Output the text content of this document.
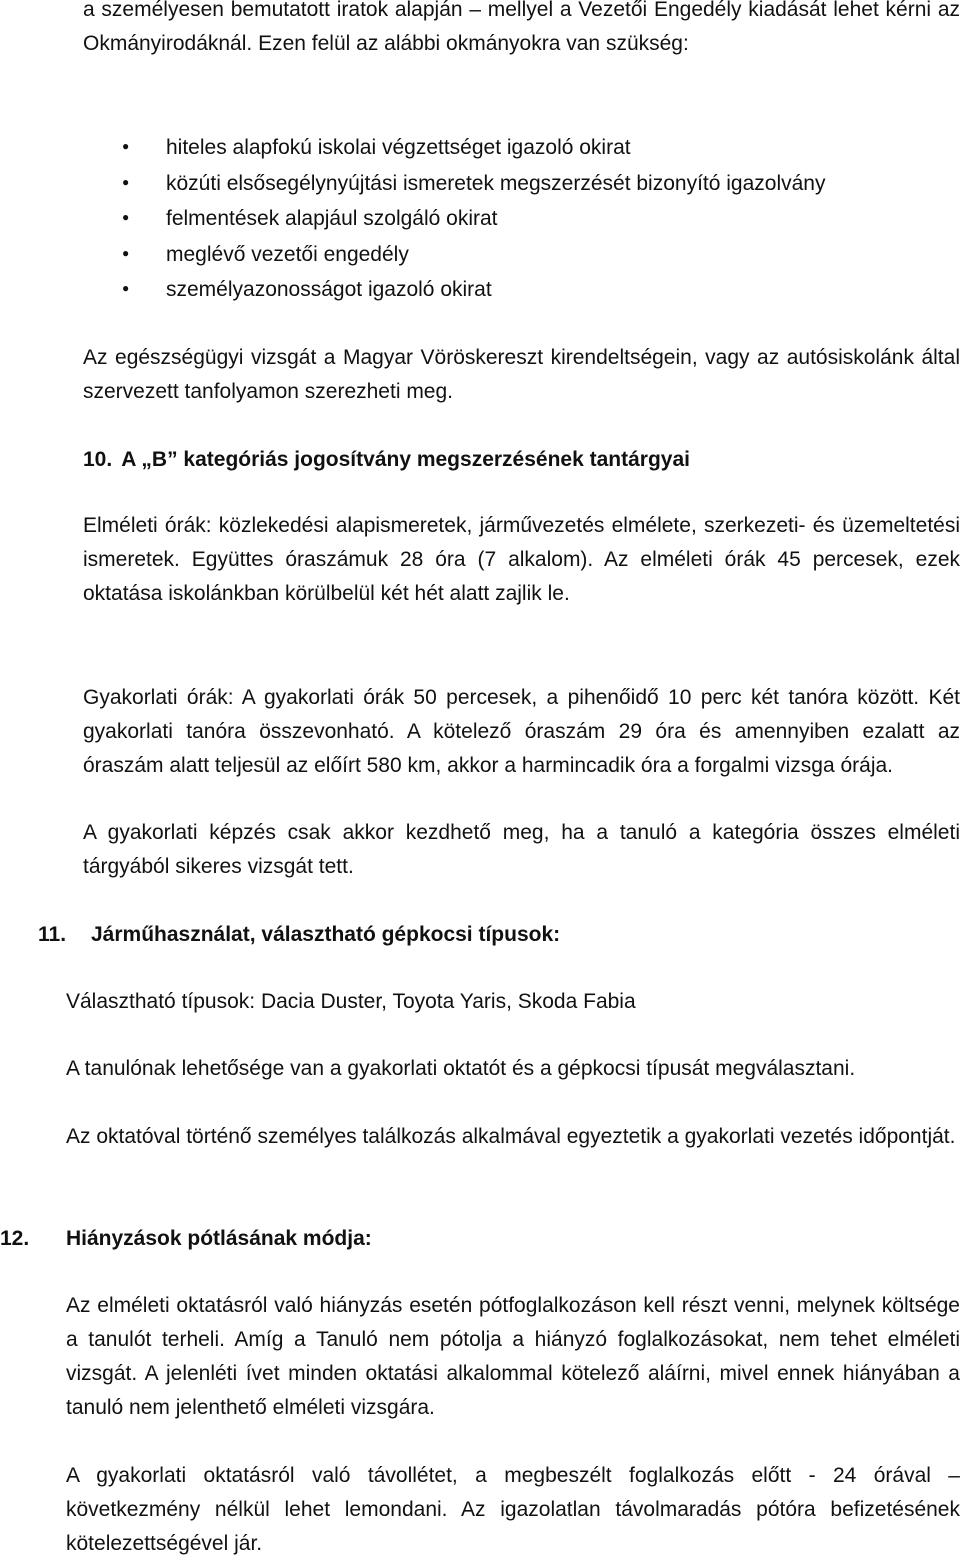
a személyesen bemutatott iratok alapján – mellyel a Vezetői Engedély kiadását lehet kérni az Okmányirodáknál. Ezen felül az alábbi okmányokra van szükség:

● hiteles alapfokú iskolai végzettséget igazoló okirat
● közúti elsősegélynyújtási ismeretek megszerzését bizonyító igazolvány
● felmentések alapjául szolgáló okirat
● meglévő vezetői engedély
● személyazonosságot igazoló okirat

Az egészségügyi vizsgát a Magyar Vöröskereszt kirendeltségein, vagy az autósiskolánk által szervezett tanfolyamon szerezheti meg.

10.
A „B” kategóriás jogosítvány megszerzésének tantárgyai

Elméleti órák: közlekedési alapismeretek, járművezetés elmélete, szerkezeti- és üzemeltetési ismeretek. Együttes óraszámuk 28 óra (7 alkalom). Az elméleti órák 45 percesek, ezek oktatása iskolánkban körülbelül két hét alatt zajlik le.

Gyakorlati órák: A gyakorlati órák 50 percesek, a pihenőidő 10 perc két tanóra között. Két gyakorlati tanóra összevonható. A kötelező óraszám 29 óra és amennyiben ezalatt az óraszám alatt teljesül az előírt 580 km, akkor a harmincadik óra a forgalmi vizsga órája.

A gyakorlati képzés csak akkor kezdhető meg, ha a tanuló a kategória összes elméleti tárgyából sikeres vizsgát tett.

11. Járműhasználat, választható gépkocsi típusok:

Választható típusok: Dacia Duster, Toyota Yaris, Skoda Fabia

A tanulónak lehetősége van a gyakorlati oktatót és a gépkocsi típusát megválasztani.

Az oktatóval történő személyes találkozás alkalmával egyeztetik a gyakorlati vezetés időpontját.

12. Hiányzások pótlásának módja:

Az elméleti oktatásról való hiányzás esetén pótfoglalkozáson kell részt venni, melynek költsége a tanulót terheli. Amíg a Tanuló nem pótolja a hiányzó foglalkozásokat, nem tehet elméleti vizsgát. A jelenléti ívet minden oktatási alkalommal kötelező aláírni, mivel ennek hiányában a tanuló nem jelenthető elméleti vizsgára.

A gyakorlati oktatásról való távollétet, a megbeszélt foglalkozás előtt - 24 órával – következmény nélkül lehet lemondani. Az igazolatlan távolmaradás pótóra befizetésének kötelezettségével jár.
